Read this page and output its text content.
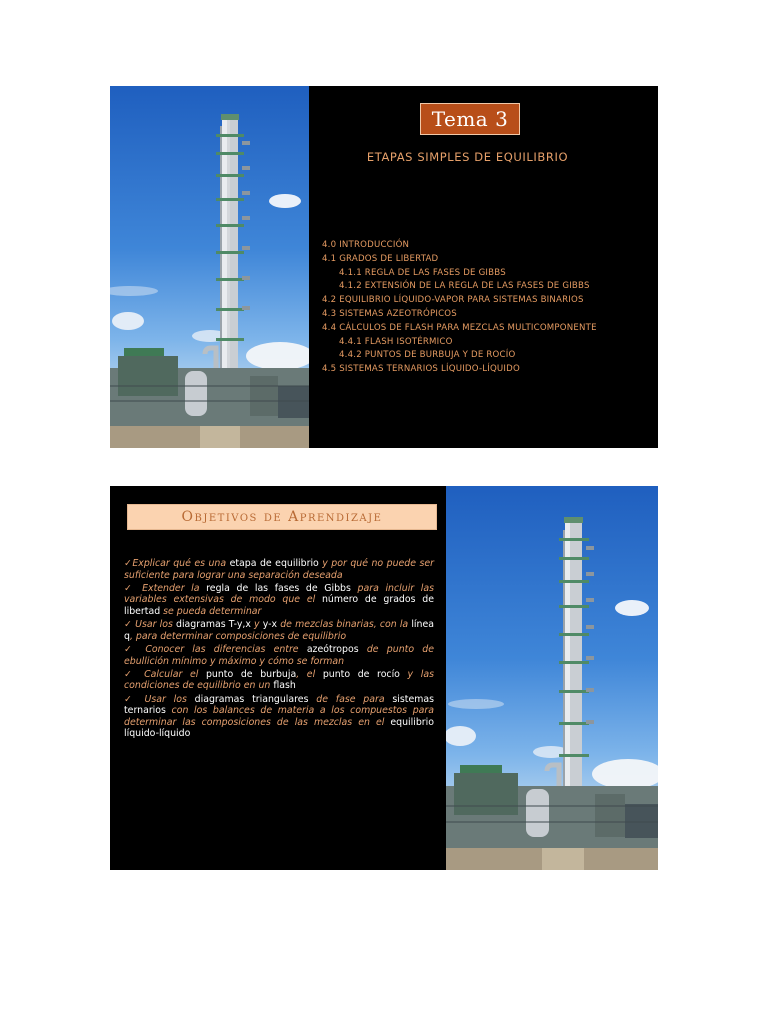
Tema 3
ETAPAS SIMPLES DE EQUILIBRIO
4.0 INTRODUCCIÓN
4.1 GRADOS DE LIBERTAD
4.1.1 REGLA DE LAS FASES DE GIBBS
4.1.2 EXTENSIÓN DE LA REGLA DE LAS FASES DE GIBBS
4.2 EQUILIBRIO LÍQUIDO-VAPOR PARA SISTEMAS BINARIOS
4.3 SISTEMAS AZEOTRÓPICOS
4.4 CÁLCULOS DE FLASH PARA MEZCLAS MULTICOMPONENTE
4.4.1 FLASH ISOTÉRMICO
4.4.2 PUNTOS DE BURBUJA Y DE ROCÍO
4.5 SISTEMAS TERNARIOS LÍQUIDO-LÍQUIDO
Objetivos de Aprendizaje
✓Explicar qué es una etapa de equilibrio y por qué no puede ser suficiente para lograr una separación deseada
✓ Extender la regla de las fases de Gibbs para incluir las variables extensivas de modo que el número de grados de libertad se pueda determinar
✓ Usar los diagramas T-y,x y y-x de mezclas binarias, con la línea q, para determinar composiciones de equilibrio
✓ Conocer las diferencias entre azeótropos de punto de ebullición mínimo y máximo y cómo se forman
✓ Calcular el punto de burbuja, el punto de rocío y las condiciones de equilibrio en un flash
✓ Usar los diagramas triangulares de fase para sistemas ternarios con los balances de materia a los compuestos para determinar las composiciones de las mezclas en el equilibrio líquido-líquido
